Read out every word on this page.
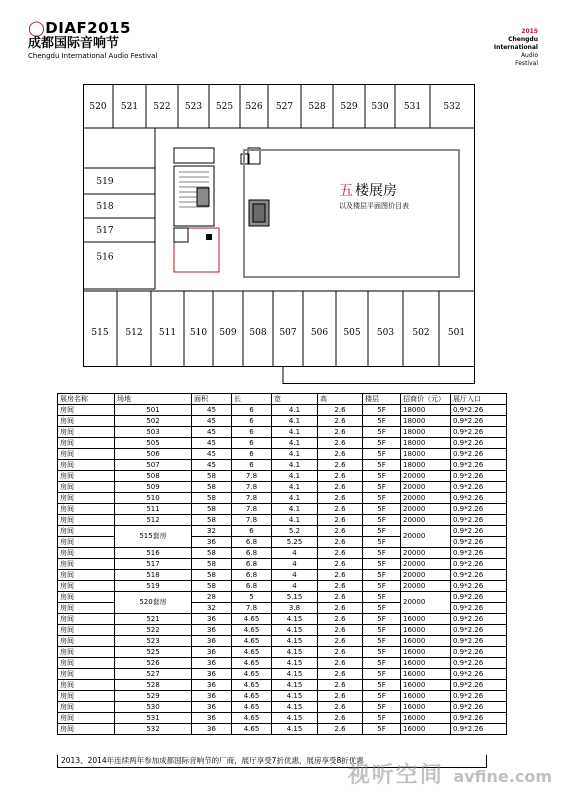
◯DIAF2015
成都国际音响节
Chengdu International Audio Festival
2015
Chengdu
International
Audio
Festival
五 楼展房
以及楼层平面图价目表
520 521 522 523 525 526 527 528 529 530 531 532
519
518
517
516
515 512 511 510 509 508 507 506 505 503 502 501
展房名称	场地	面积	长	宽	高	楼层	招商价（元）	展厅入口
房间	501	45	6	4.1	2.6	5F	18000	0.9*2.26
房间	502	45	6	4.1	2.6	5F	18000	0.9*2.26
房间	503	45	6	4.1	2.6	5F	18000	0.9*2.26
房间	505	45	6	4.1	2.6	5F	18000	0.9*2.26
房间	506	45	6	4.1	2.6	5F	18000	0.9*2.26
房间	507	45	6	4.1	2.6	5F	18000	0.9*2.26
房间	508	58	7.8	4.1	2.6	5F	20000	0.9*2.26
房间	509	58	7.8	4.1	2.6	5F	20000	0.9*2.26
房间	510	58	7.8	4.1	2.6	5F	20000	0.9*2.26
房间	511	58	7.8	4.1	2.6	5F	20000	0.9*2.26
房间	512	58	7.8	4.1	2.6	5F	20000	0.9*2.26
房间	515套房	32	6	5.2	2.6	5F	20000	0.9*2.26
房间		36	6.8	5.25	2.6	5F		0.9*2.26
房间	516	58	6.8	4	2.6	5F	20000	0.9*2.26
房间	517	58	6.8	4	2.6	5F	20000	0.9*2.26
房间	518	58	6.8	4	2.6	5F	20000	0.9*2.26
房间	519	58	6.8	4	2.6	5F	20000	0.9*2.26
房间	520套房	28	5	5.15	2.6	5F	20000	0.9*2.26
房间		32	7.8	3.8	2.6	5F		0.9*2.26
房间	521	36	4.65	4.15	2.6	5F	16000	0.9*2.26
房间	522	36	4.65	4.15	2.6	5F	16000	0.9*2.26
房间	523	36	4.65	4.15	2.6	5F	16000	0.9*2.26
房间	525	36	4.65	4.15	2.6	5F	16000	0.9*2.26
房间	526	36	4.65	4.15	2.6	5F	16000	0.9*2.26
房间	527	36	4.65	4.15	2.6	5F	16000	0.9*2.26
房间	528	36	4.65	4.15	2.6	5F	16000	0.9*2.26
房间	529	36	4.65	4.15	2.6	5F	16000	0.9*2.26
房间	530	36	4.65	4.15	2.6	5F	16000	0.9*2.26
房间	531	36	4.65	4.15	2.6	5F	16000	0.9*2.26
房间	532	36	4.65	4.15	2.6	5F	16000	0.9*2.26
2013、2014年连续两年参加成都国际音响节的厂商，展厅享受7折优惠，展房享受8折优惠
视听空间 avfine.com
